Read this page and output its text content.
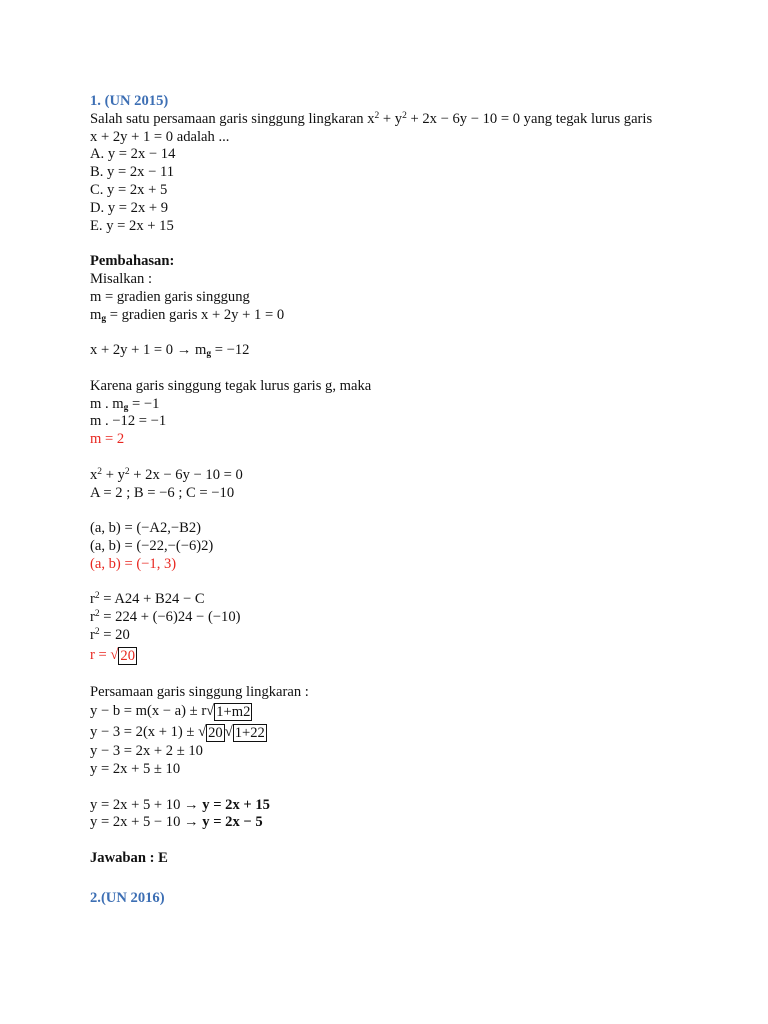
1. (UN 2015)
Salah satu persamaan garis singgung lingkaran $x^2 + y^2 + 2x - 6y - 10 = 0$ yang tegak lurus garis
x + 2y + 1 = 0 adalah ...
A. y = 2x − 14
B. y = 2x − 11
C. y = 2x + 5
D. y = 2x + 9
E. y = 2x + 15
Pembahasan:
Misalkan :
m = gradien garis singgung
$m_g$ = gradien garis x + 2y + 1 = 0
$x + 2y + 1 = 0 \to m_g = -12$
Karena garis singgung tegak lurus garis g, maka
m . $m_g = -1$
m . −12 = −1
m = 2
$x^2 + y^2 + 2x - 6y - 10 = 0$
A = 2 ; B = −6 ; C = −10
(a, b) = (−A2,−B2)
(a, b) = (−22,−(−6)2)
(a, b) = (−1, 3)
$r^2 = A24 + B24 - C$
$r^2 = 224 + (-6)24 - (-10)$
$r^2 = 20$
r = √ 20
Persamaan garis singgung lingkaran :
y − b = m(x − a) ± r√ 1+m2
y − 3 = 2(x + 1) ± √ 20 √ 1+22
y − 3 = 2x + 2 ± 10
y = 2x + 5 ± 10
y = 2x + 5 + 10 → y = 2x + 15
y = 2x + 5 − 10 → y = 2x − 5
Jawaban : E
2.(UN 2016)
